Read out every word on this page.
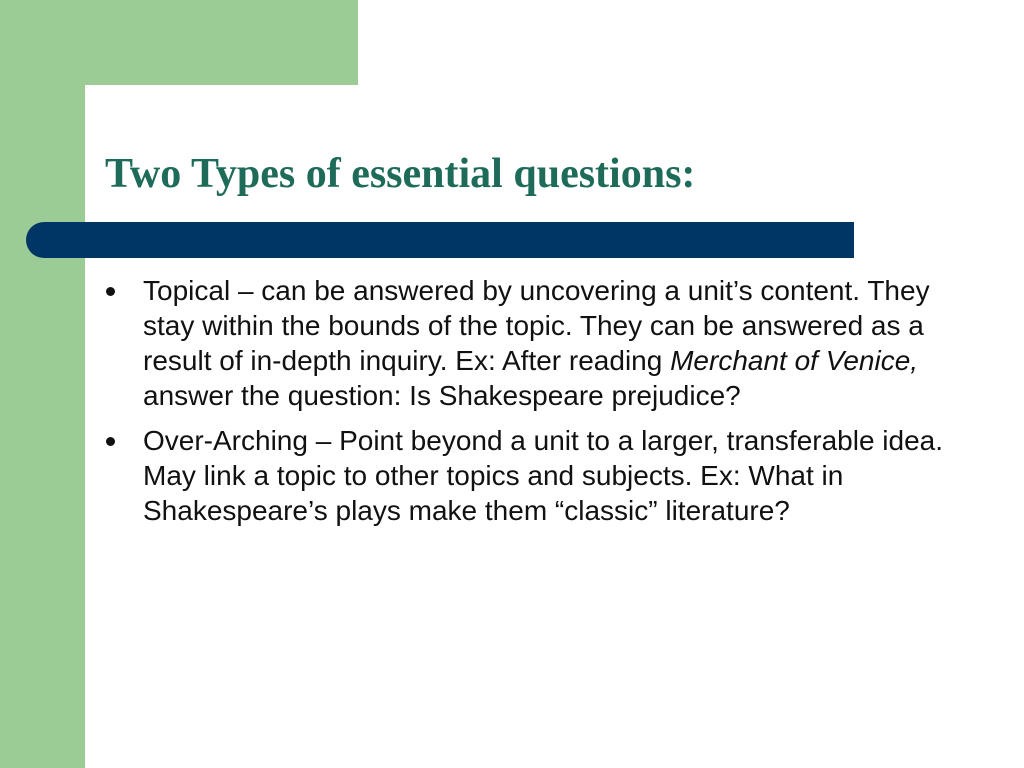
Two Types of essential questions:
Topical – can be answered by uncovering a unit’s content. They stay within the bounds of the topic. They can be answered as a result of in-depth inquiry. Ex: After reading Merchant of Venice, answer the question: Is Shakespeare prejudice?
Over-Arching – Point beyond a unit to a larger, transferable idea. May link a topic to other topics and subjects. Ex: What in Shakespeare’s plays make them “classic” literature?
